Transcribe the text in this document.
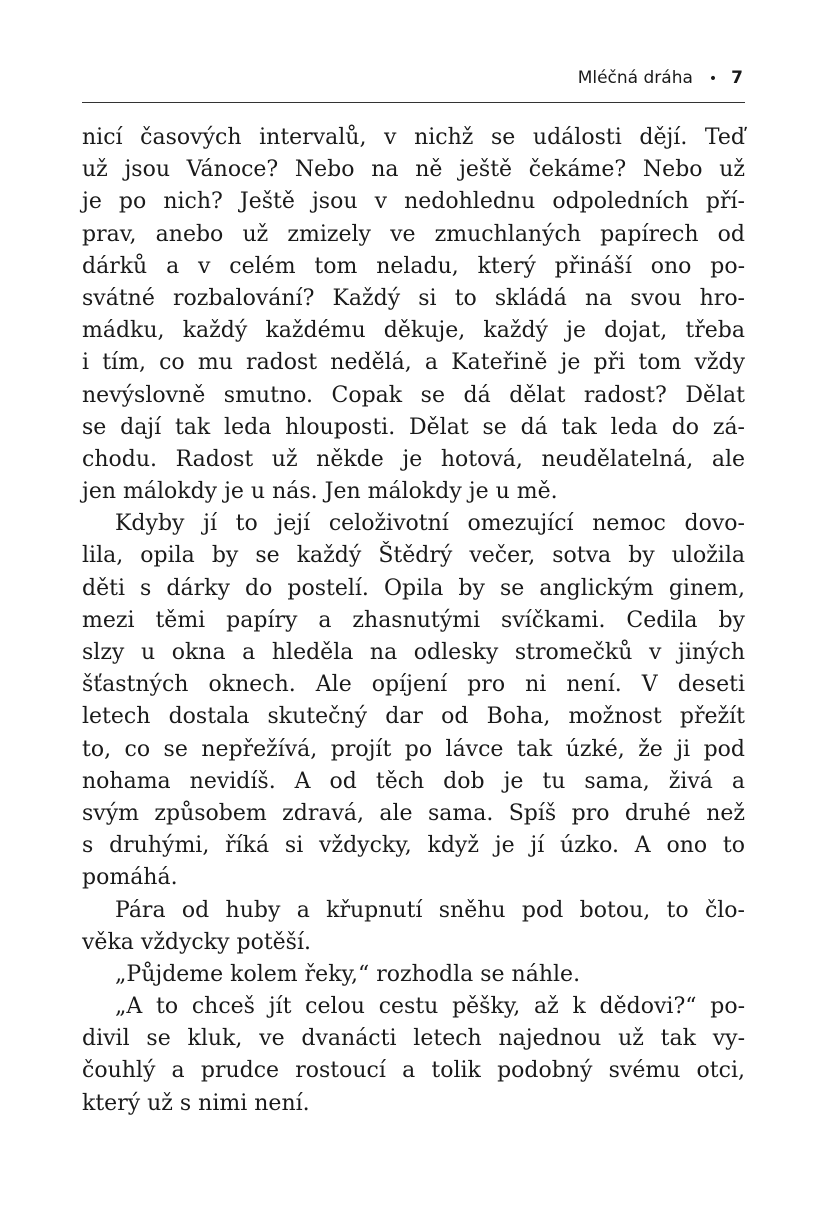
Mléčná dráha • 7
nicí časových intervalů, v nichž se události dějí. Teď
už jsou Vánoce? Nebo na ně ještě čekáme? Nebo už
je po nich? Ještě jsou v nedohlednu odpoledních pří-
prav, anebo už zmizely ve zmuchlaných papírech od
dárků a v celém tom neladu, který přináší ono po-
svátné rozbalování? Každý si to skládá na svou hro-
mádku, každý každému děkuje, každý je dojat, třeba
i tím, co mu radost nedělá, a Kateřině je při tom vždy
nevýslovně smutno. Copak se dá dělat radost? Dělat
se dají tak leda hlouposti. Dělat se dá tak leda do zá-
chodu. Radost už někde je hotová, neudělatelná, ale
jen málokdy je u nás. Jen málokdy je u mě.
Kdyby jí to její celoživotní omezující nemoc dovo-
lila, opila by se každý Štědrý večer, sotva by uložila
děti s dárky do postelí. Opila by se anglickým ginem,
mezi těmi papíry a zhasnutými svíčkami. Cedila by
slzy u okna a hleděla na odlesky stromečků v jiných
šťastných oknech. Ale opíjení pro ni není. V deseti
letech dostala skutečný dar od Boha, možnost přežít
to, co se nepřežívá, projít po lávce tak úzké, že ji pod
nohama nevidíš. A od těch dob je tu sama, živá a
svým způsobem zdravá, ale sama. Spíš pro druhé než
s druhými, říká si vždycky, když je jí úzko. A ono to
pomáhá.
Pára od huby a křupnutí sněhu pod botou, to člo-
věka vždycky potěší.
„Půjdeme kolem řeky,“ rozhodla se náhle.
„A to chceš jít celou cestu pěšky, až k dědovi?“ po-
divil se kluk, ve dvanácti letech najednou už tak vy-
čouhlý a prudce rostoucí a tolik podobný svému otci,
který už s nimi není.
